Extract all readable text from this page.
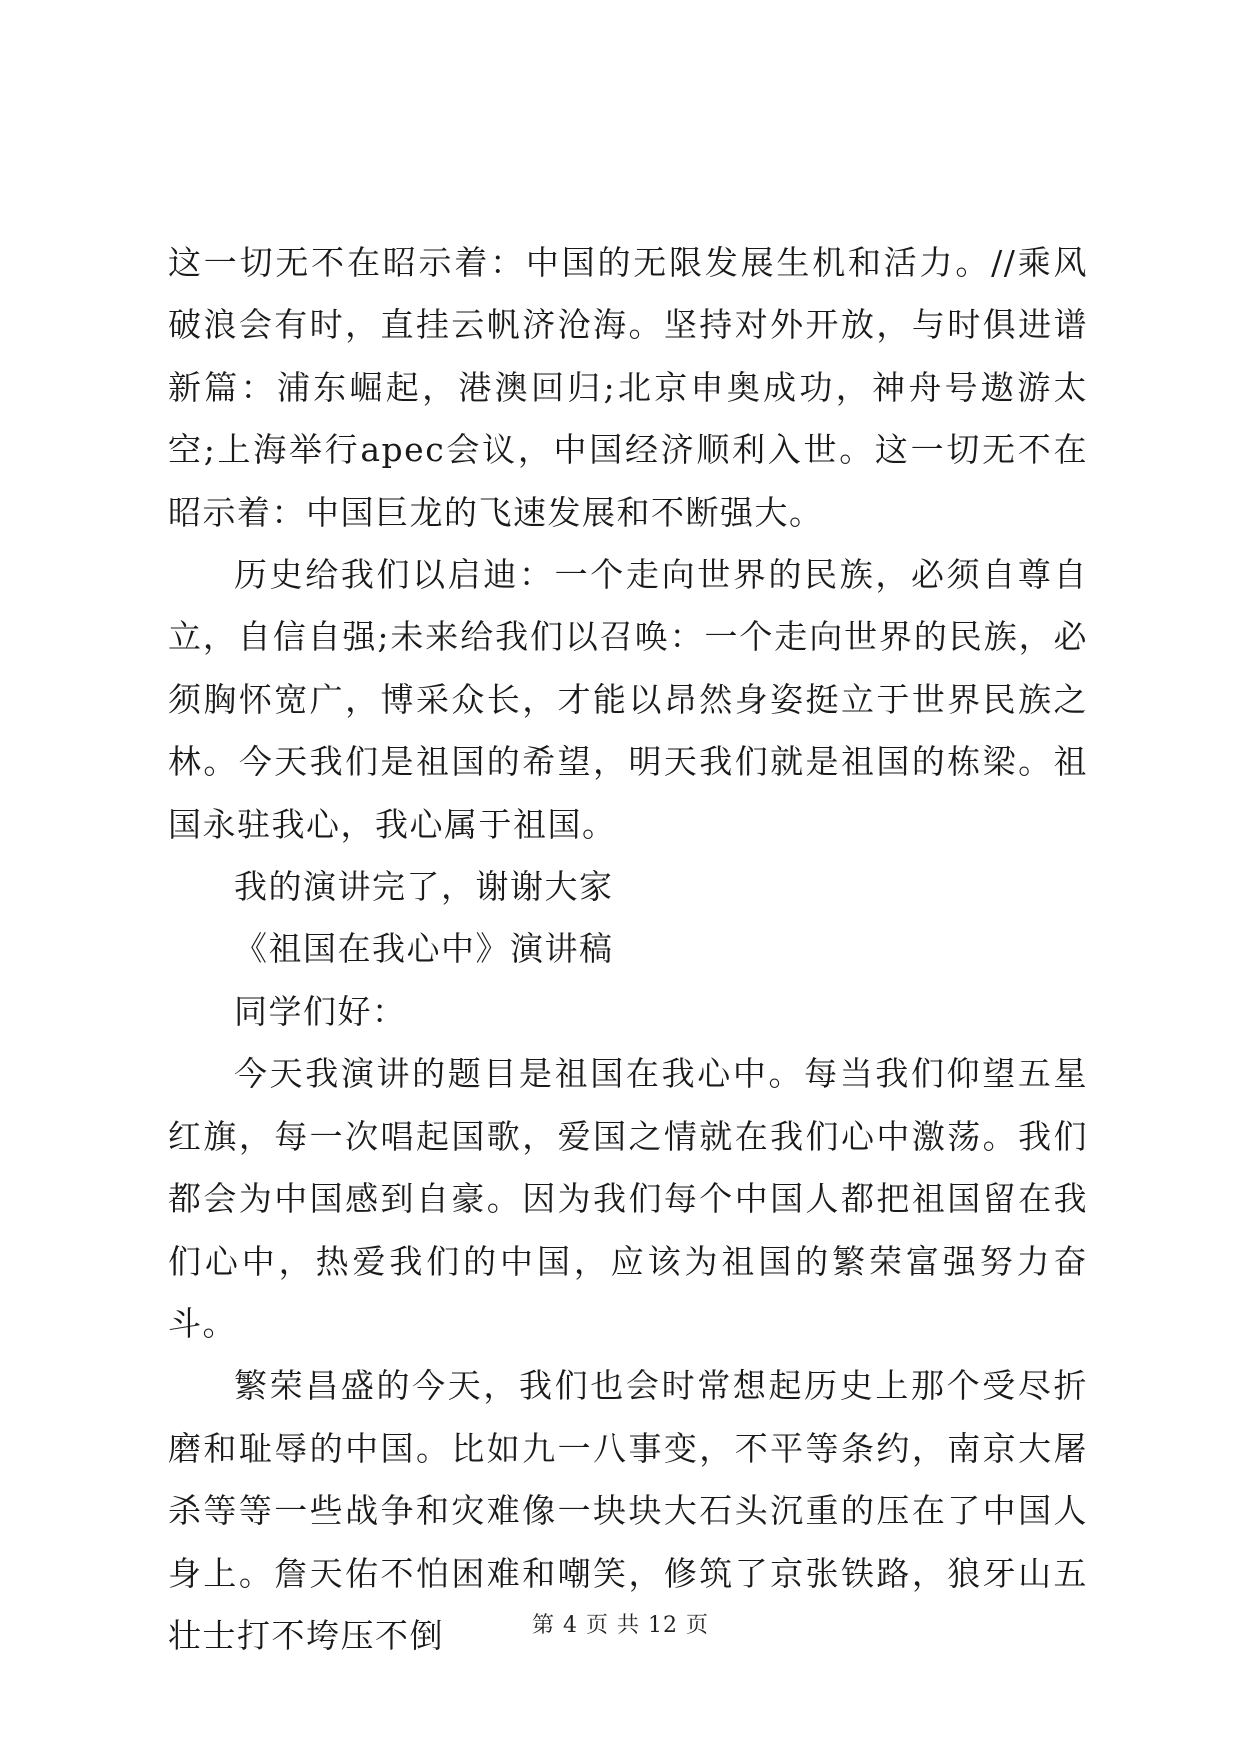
这一切无不在昭示着：中国的无限发展生机和活力。//乘风破浪会有时，直挂云帆济沧海。坚持对外开放，与时俱进谱新篇：浦东崛起，港澳回归;北京申奥成功，神舟号遨游太空;上海举行apec会议，中国经济顺利入世。这一切无不在昭示着：中国巨龙的飞速发展和不断强大。

历史给我们以启迪：一个走向世界的民族，必须自尊自立，自信自强;未来给我们以召唤：一个走向世界的民族，必须胸怀宽广，博采众长，才能以昂然身姿挺立于世界民族之林。今天我们是祖国的希望，明天我们就是祖国的栋梁。祖国永驻我心，我心属于祖国。

我的演讲完了，谢谢大家

《祖国在我心中》演讲稿

同学们好：

今天我演讲的题目是祖国在我心中。每当我们仰望五星红旗，每一次唱起国歌，爱国之情就在我们心中激荡。我们都会为中国感到自豪。因为我们每个中国人都把祖国留在我们心中，热爱我们的中国，应该为祖国的繁荣富强努力奋斗。

繁荣昌盛的今天，我们也会时常想起历史上那个受尽折磨和耻辱的中国。比如九一八事变，不平等条约，南京大屠杀等等一些战争和灾难像一块块大石头沉重的压在了中国人身上。詹天佑不怕困难和嘲笑，修筑了京张铁路，狼牙山五壮士打不垮压不倒	第 4 页 共 12 页
